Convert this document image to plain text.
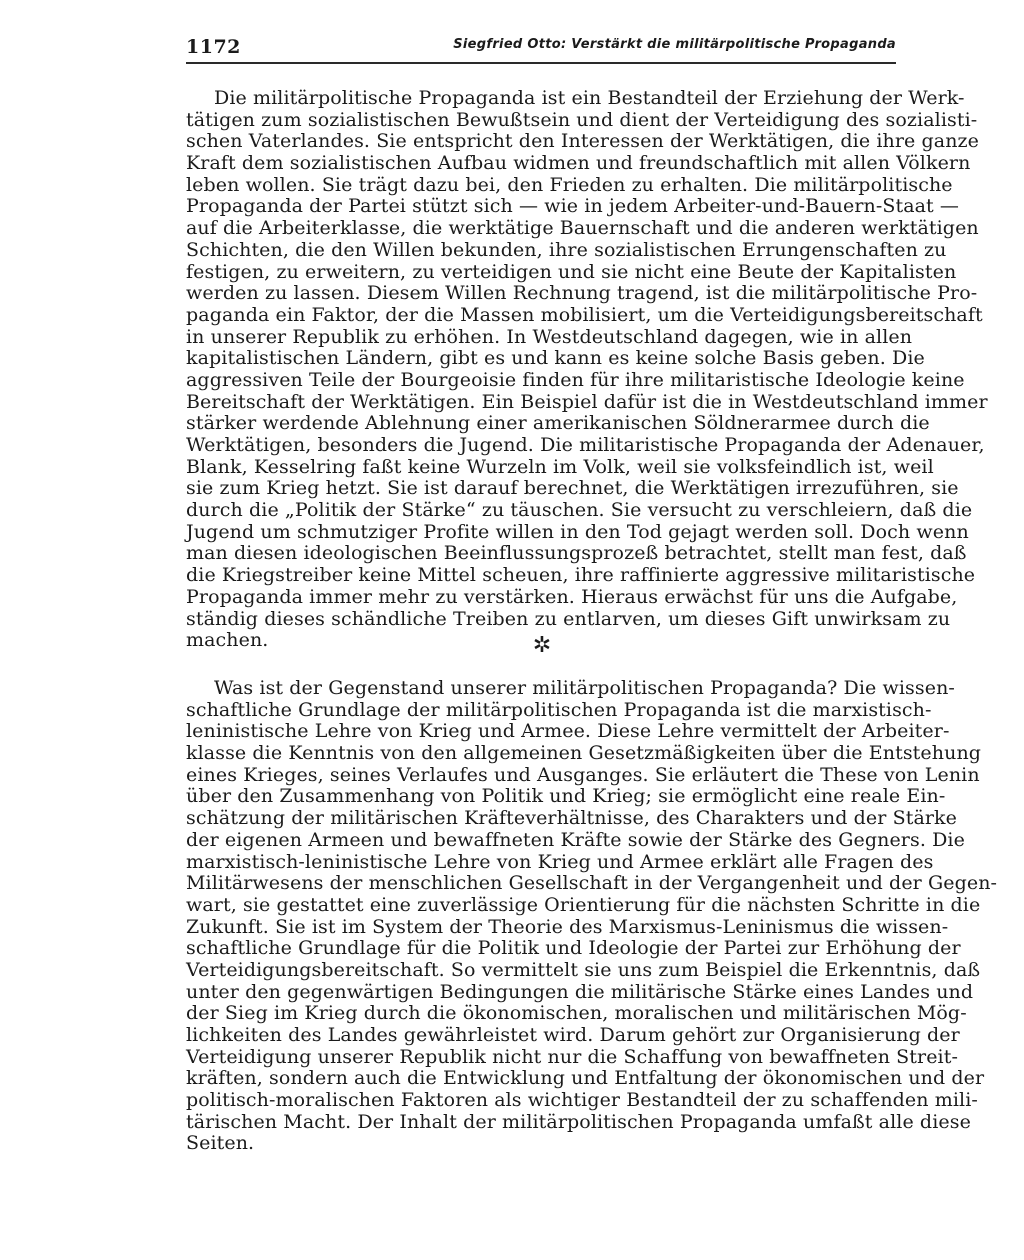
1172	Siegfried Otto: Verstärkt die militärpolitische Propaganda
Die militärpolitische Propaganda ist ein Bestandteil der Erziehung der Werk-
tätigen zum sozialistischen Bewußtsein und dient der Verteidigung des sozialisti-
schen Vaterlandes. Sie entspricht den Interessen der Werktätigen, die ihre ganze
Kraft dem sozialistischen Aufbau widmen und freundschaftlich mit allen Völkern
leben wollen. Sie trägt dazu bei, den Frieden zu erhalten. Die militärpolitische
Propaganda der Partei stützt sich — wie in jedem Arbeiter-und-Bauern-Staat —
auf die Arbeiterklasse, die werktätige Bauernschaft und die anderen werktätigen
Schichten, die den Willen bekunden, ihre sozialistischen Errungenschaften zu
festigen, zu erweitern, zu verteidigen und sie nicht eine Beute der Kapitalisten
werden zu lassen. Diesem Willen Rechnung tragend, ist die militärpolitische Pro-
paganda ein Faktor, der die Massen mobilisiert, um die Verteidigungsbereitschaft
in unserer Republik zu erhöhen. In Westdeutschland dagegen, wie in allen
kapitalistischen Ländern, gibt es und kann es keine solche Basis geben. Die
aggressiven Teile der Bourgeoisie finden für ihre militaristische Ideologie keine
Bereitschaft der Werktätigen. Ein Beispiel dafür ist die in Westdeutschland immer
stärker werdende Ablehnung einer amerikanischen Söldnerarmee durch die
Werktätigen, besonders die Jugend. Die militaristische Propaganda der Adenauer,
Blank, Kesselring faßt keine Wurzeln im Volk, weil sie volksfeindlich ist, weil
sie zum Krieg hetzt. Sie ist darauf berechnet, die Werktätigen irrezuführen, sie
durch die „Politik der Stärke“ zu täuschen. Sie versucht zu verschleiern, daß die
Jugend um schmutziger Profite willen in den Tod gejagt werden soll. Doch wenn
man diesen ideologischen Beeinflussungsprozeß betrachtet, stellt man fest, daß
die Kriegstreiber keine Mittel scheuen, ihre raffinierte aggressive militaristische
Propaganda immer mehr zu verstärken. Hieraus erwächst für uns die Aufgabe,
ständig dieses schändliche Treiben zu entlarven, um dieses Gift unwirksam zu
machen.	✲
Was ist der Gegenstand unserer militärpolitischen Propaganda? Die wissen-
schaftliche Grundlage der militärpolitischen Propaganda ist die marxistisch-
leninistische Lehre von Krieg und Armee. Diese Lehre vermittelt der Arbeiter-
klasse die Kenntnis von den allgemeinen Gesetzmäßigkeiten über die Entstehung
eines Krieges, seines Verlaufes und Ausganges. Sie erläutert die These von Lenin
über den Zusammenhang von Politik und Krieg; sie ermöglicht eine reale Ein-
schätzung der militärischen Kräfteverhältnisse, des Charakters und der Stärke
der eigenen Armeen und bewaffneten Kräfte sowie der Stärke des Gegners. Die
marxistisch-leninistische Lehre von Krieg und Armee erklärt alle Fragen des
Militärwesens der menschlichen Gesellschaft in der Vergangenheit und der Gegen-
wart, sie gestattet eine zuverlässige Orientierung für die nächsten Schritte in die
Zukunft. Sie ist im System der Theorie des Marxismus-Leninismus die wissen-
schaftliche Grundlage für die Politik und Ideologie der Partei zur Erhöhung der
Verteidigungsbereitschaft. So vermittelt sie uns zum Beispiel die Erkenntnis, daß
unter den gegenwärtigen Bedingungen die militärische Stärke eines Landes und
der Sieg im Krieg durch die ökonomischen, moralischen und militärischen Mög-
lichkeiten des Landes gewährleistet wird. Darum gehört zur Organisierung der
Verteidigung unserer Republik nicht nur die Schaffung von bewaffneten Streit-
kräften, sondern auch die Entwicklung und Entfaltung der ökonomischen und der
politisch-moralischen Faktoren als wichtiger Bestandteil der zu schaffenden mili-
tärischen Macht. Der Inhalt der militärpolitischen Propaganda umfaßt alle diese
Seiten.
